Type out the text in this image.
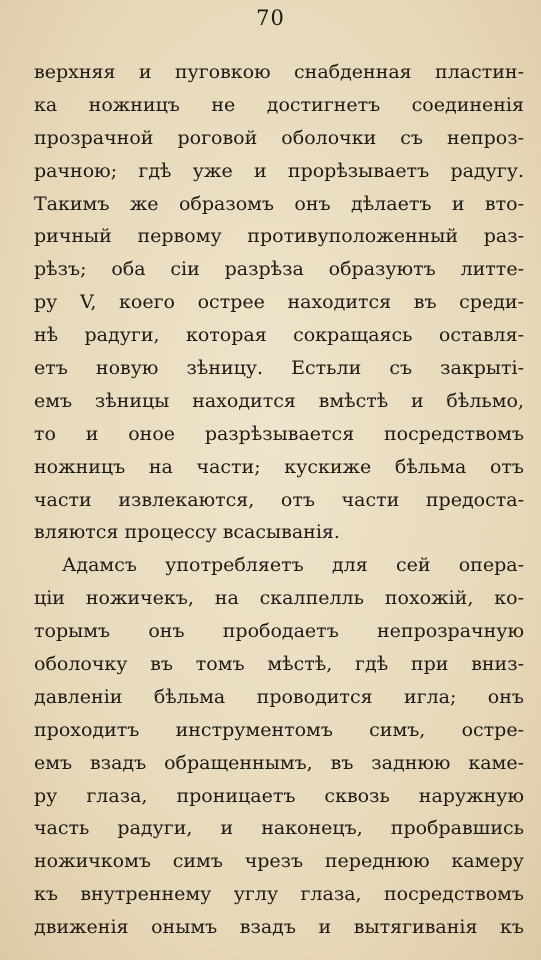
70
верхняя и пуговкою снабденная пластин-
ка ножницъ не достигнетъ соединенія
прозрачной роговой оболочки съ непроз-
рачною; гдѣ уже и прорѣзываетъ радугу.
Такимъ же образомъ онъ дѣлаетъ и вто-
ричный первому противуположенный раз-
рѣзъ; оба сіи разрѣза образуютъ литте-
ру V, коего острее находится въ среди-
нѣ радуги, которая сокращаясь оставля-
етъ новую зѣницу. Естьли съ закрыті-
емъ зѣницы находится вмѣстѣ и бѣльмо,
то и оное разрѣзывается посредствомъ
ножницъ на части; кускиже бѣльма отъ
части извлекаются, отъ части предоста-
вляются процессу всасыванія.
Адамсъ употребляетъ для сей опера-
ціи ножичекъ, на скалпелль похожій, ко-
торымъ онъ прободаетъ непрозрачную
оболочку въ томъ мѣстѣ, гдѣ при вниз-
давленіи бѣльма проводится игла; онъ
проходитъ инструментомъ симъ, остре-
емъ взадъ обращеннымъ, въ заднюю каме-
ру глаза, проницаетъ сквозь наружную
часть радуги, и наконецъ, пробравшись
ножичкомъ симъ чрезъ переднюю камеру
къ внутреннему углу глаза, посредствомъ
движенія онымъ взадъ и вытягиванія къ
